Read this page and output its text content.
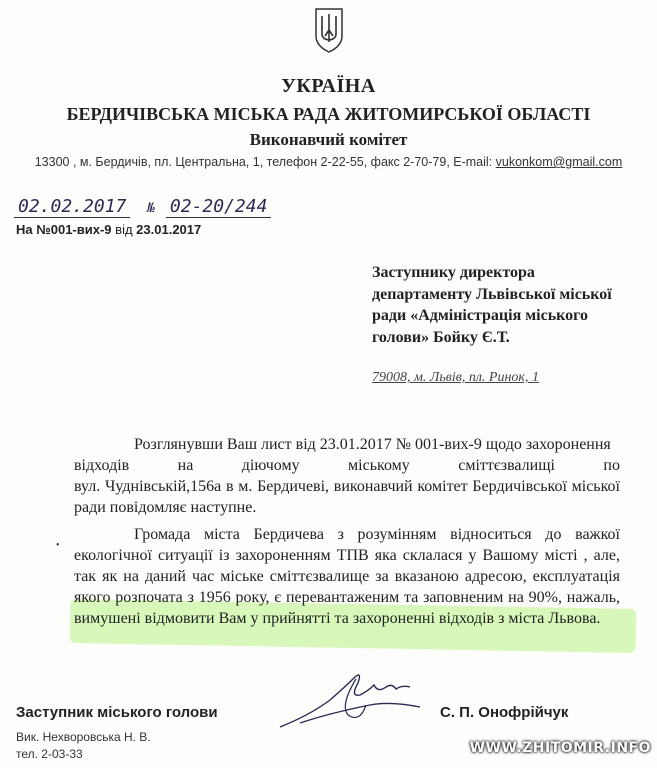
УКРАЇНА
БЕРДИЧІВСЬКА МІСЬКА РАДА ЖИТОМИРСЬКОЇ ОБЛАСТІ
Виконавчий комітет
13300 , м. Бердичів, пл. Центральна, 1, телефон 2-22-55, факс 2-70-79, E-mail: vukonkom@gmail.com
02.02.2017 № 02-20/244
На №001-вих-9 від 23.01.2017
Заступнику директора департаменту Львівської міської ради «Адміністрація міського голови» Бойку Є.Т.
79008, м. Львів, пл. Ринок, 1
Розглянувши Ваш лист від 23.01.2017 № 001-вих-9 щодо захоронення
відходів на діючому міському сміттєзвалищі по
вул. Чуднівській,156а в м. Бердичеві, виконавчий комітет Бердичівської міської ради повідомляє наступне.
•
Громада міста Бердичева з розумінням відноситься до важкої екологічної ситуації із захороненням ТПВ яка склалася у Вашому місті , але, так як на даний час міське сміттєзвалище за вказаною адресою, експлуатація якого розпочата з 1956 року, є перевантаженим та заповненим на 90%, нажаль, вимушені відмовити Вам у прийнятті та захороненні відходів з міста Львова.
Заступник міського голови	С. П. Онофрійчук
Вик. Нехворовська Н. В.
тел. 2-03-33	WWW.ZHITOMIR.INFO
